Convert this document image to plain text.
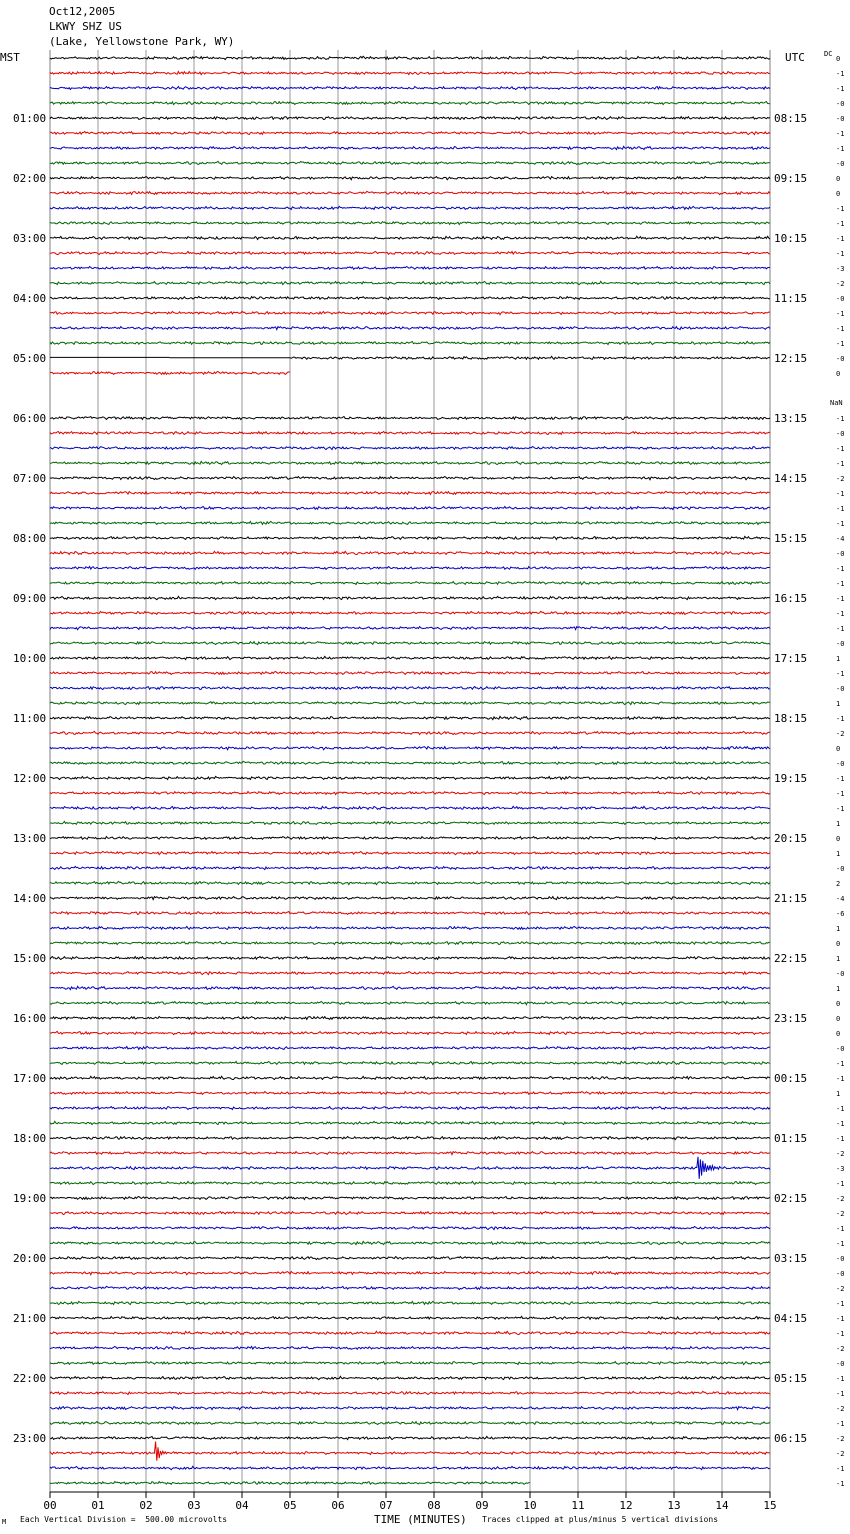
Oct12,2005
LKWY SHZ US
(Lake, Yellowstone Park, WY)
MST	UTC	DC
NaN
M Each Vertical Division =  500.00 microvolts	TIME (MINUTES) Traces clipped at plus/minus 5 vertical divisions
00	01	02	03	04	05	06	07	08	09	10	11	12	13	14	15
0
-1
-1
-0
-0
-1
-1
-0
0
0
-1
-1
-1
-1
-3
-2
-0
-1
-1
-1
-0
0
-1
-0
-1
-1
-2
-1
-1
-1
-4
-0
-1
-1
-1
-1
-1
-0
1
-1
-0
1
-1
-2
0
-0
-1
-1
-1
1
0
1
-0
2
-4
-6
1
0
1
-0
1
0
0
0
-0
-1
-1
1
-1
-1
-1
-2
-3
-1
-2
-2
-1
-1
-0
-0
-2
-1
-1
-1
-2
-0
-1
-1
-2
-1
-2
-2
-1
-1
01:00
02:00
03:00
04:00
05:00
06:00
07:00
08:00
09:00
10:00
11:00
12:00
13:00
14:00
15:00
16:00
17:00
18:00
19:00
20:00
21:00
22:00
23:00
08:15
09:15
10:15
11:15
12:15
13:15
14:15
15:15
16:15
17:15
18:15
19:15
20:15
21:15
22:15
23:15
00:15
01:15
02:15
03:15
04:15
05:15
06:15
